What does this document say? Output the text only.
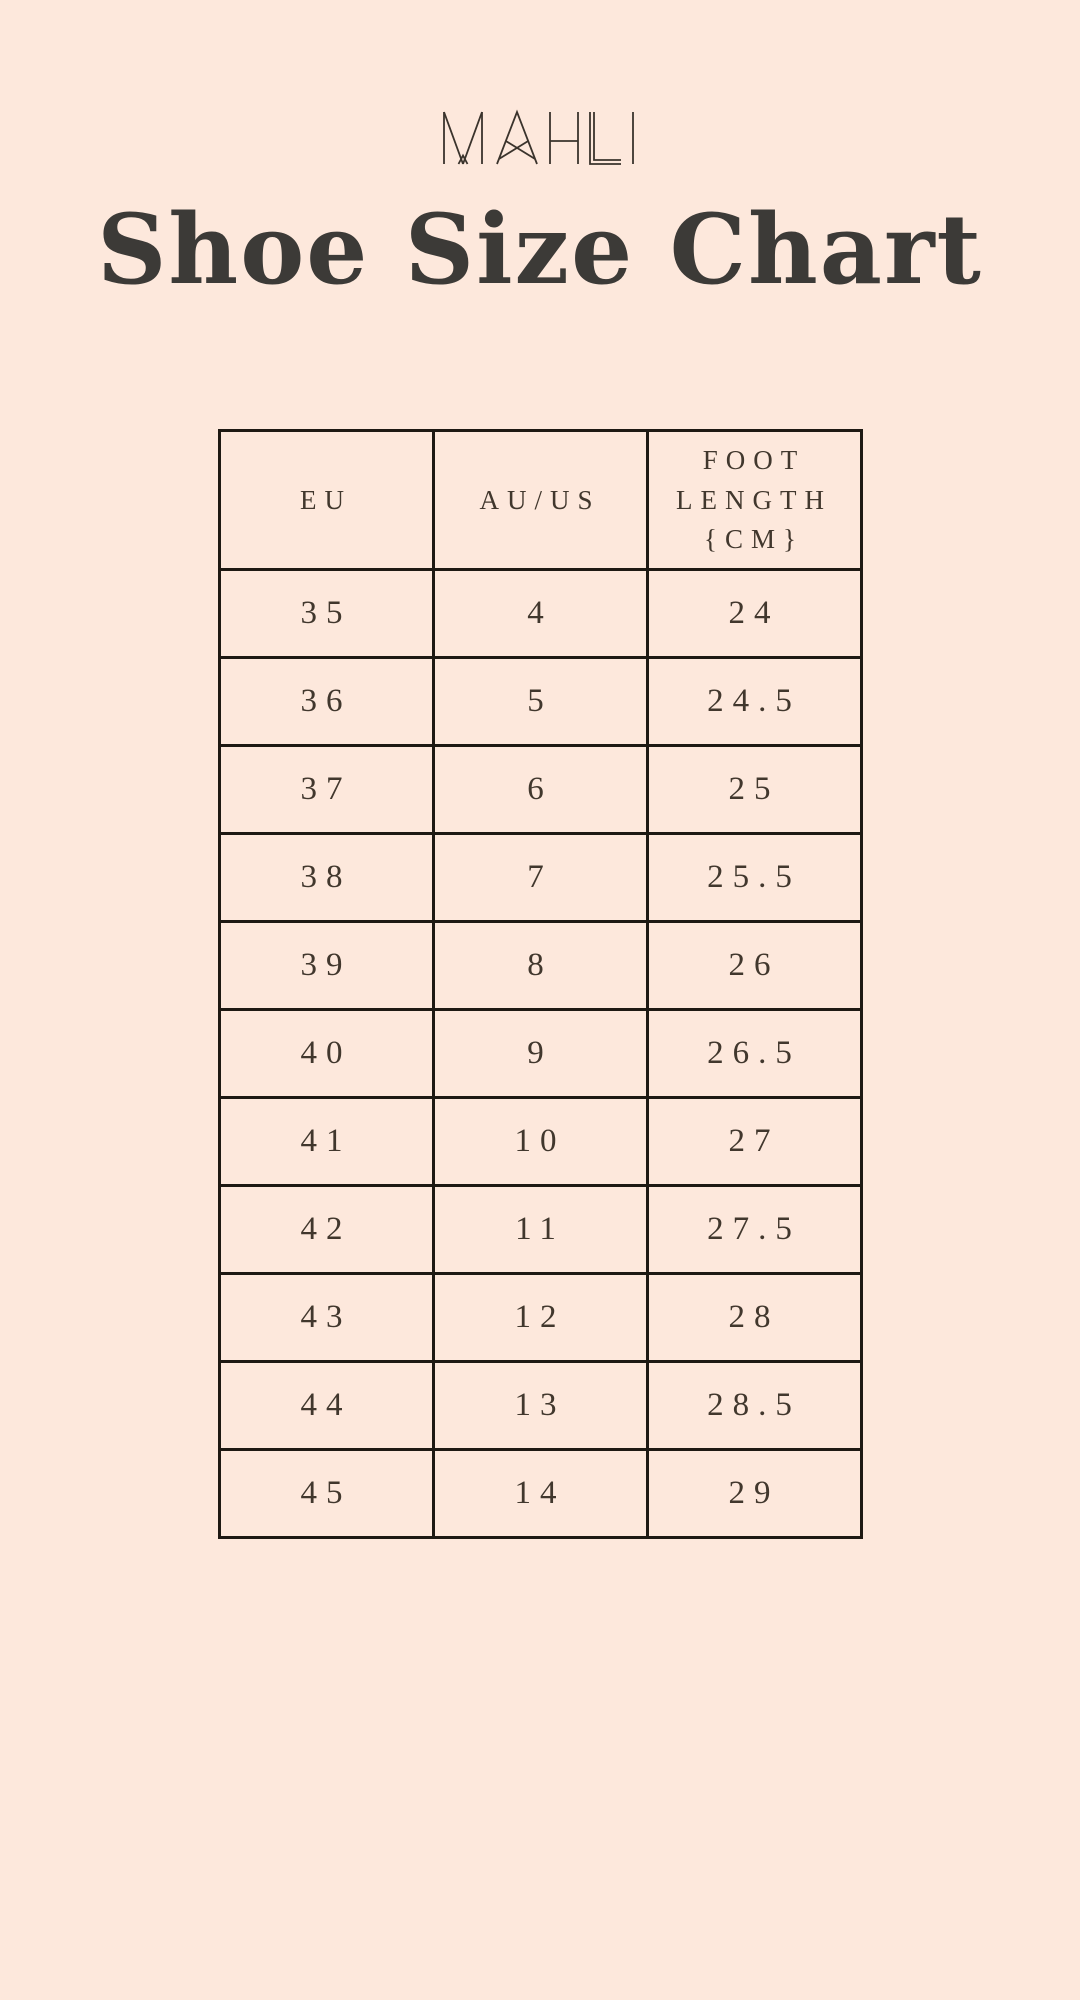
Shoe Size Chart
EU	AU/US	FOOT LENGTH {CM}
35	4	24
36	5	24.5
37	6	25
38	7	25.5
39	8	26
40	9	26.5
41	10	27
42	11	27.5
43	12	28
44	13	28.5
45	14	29
